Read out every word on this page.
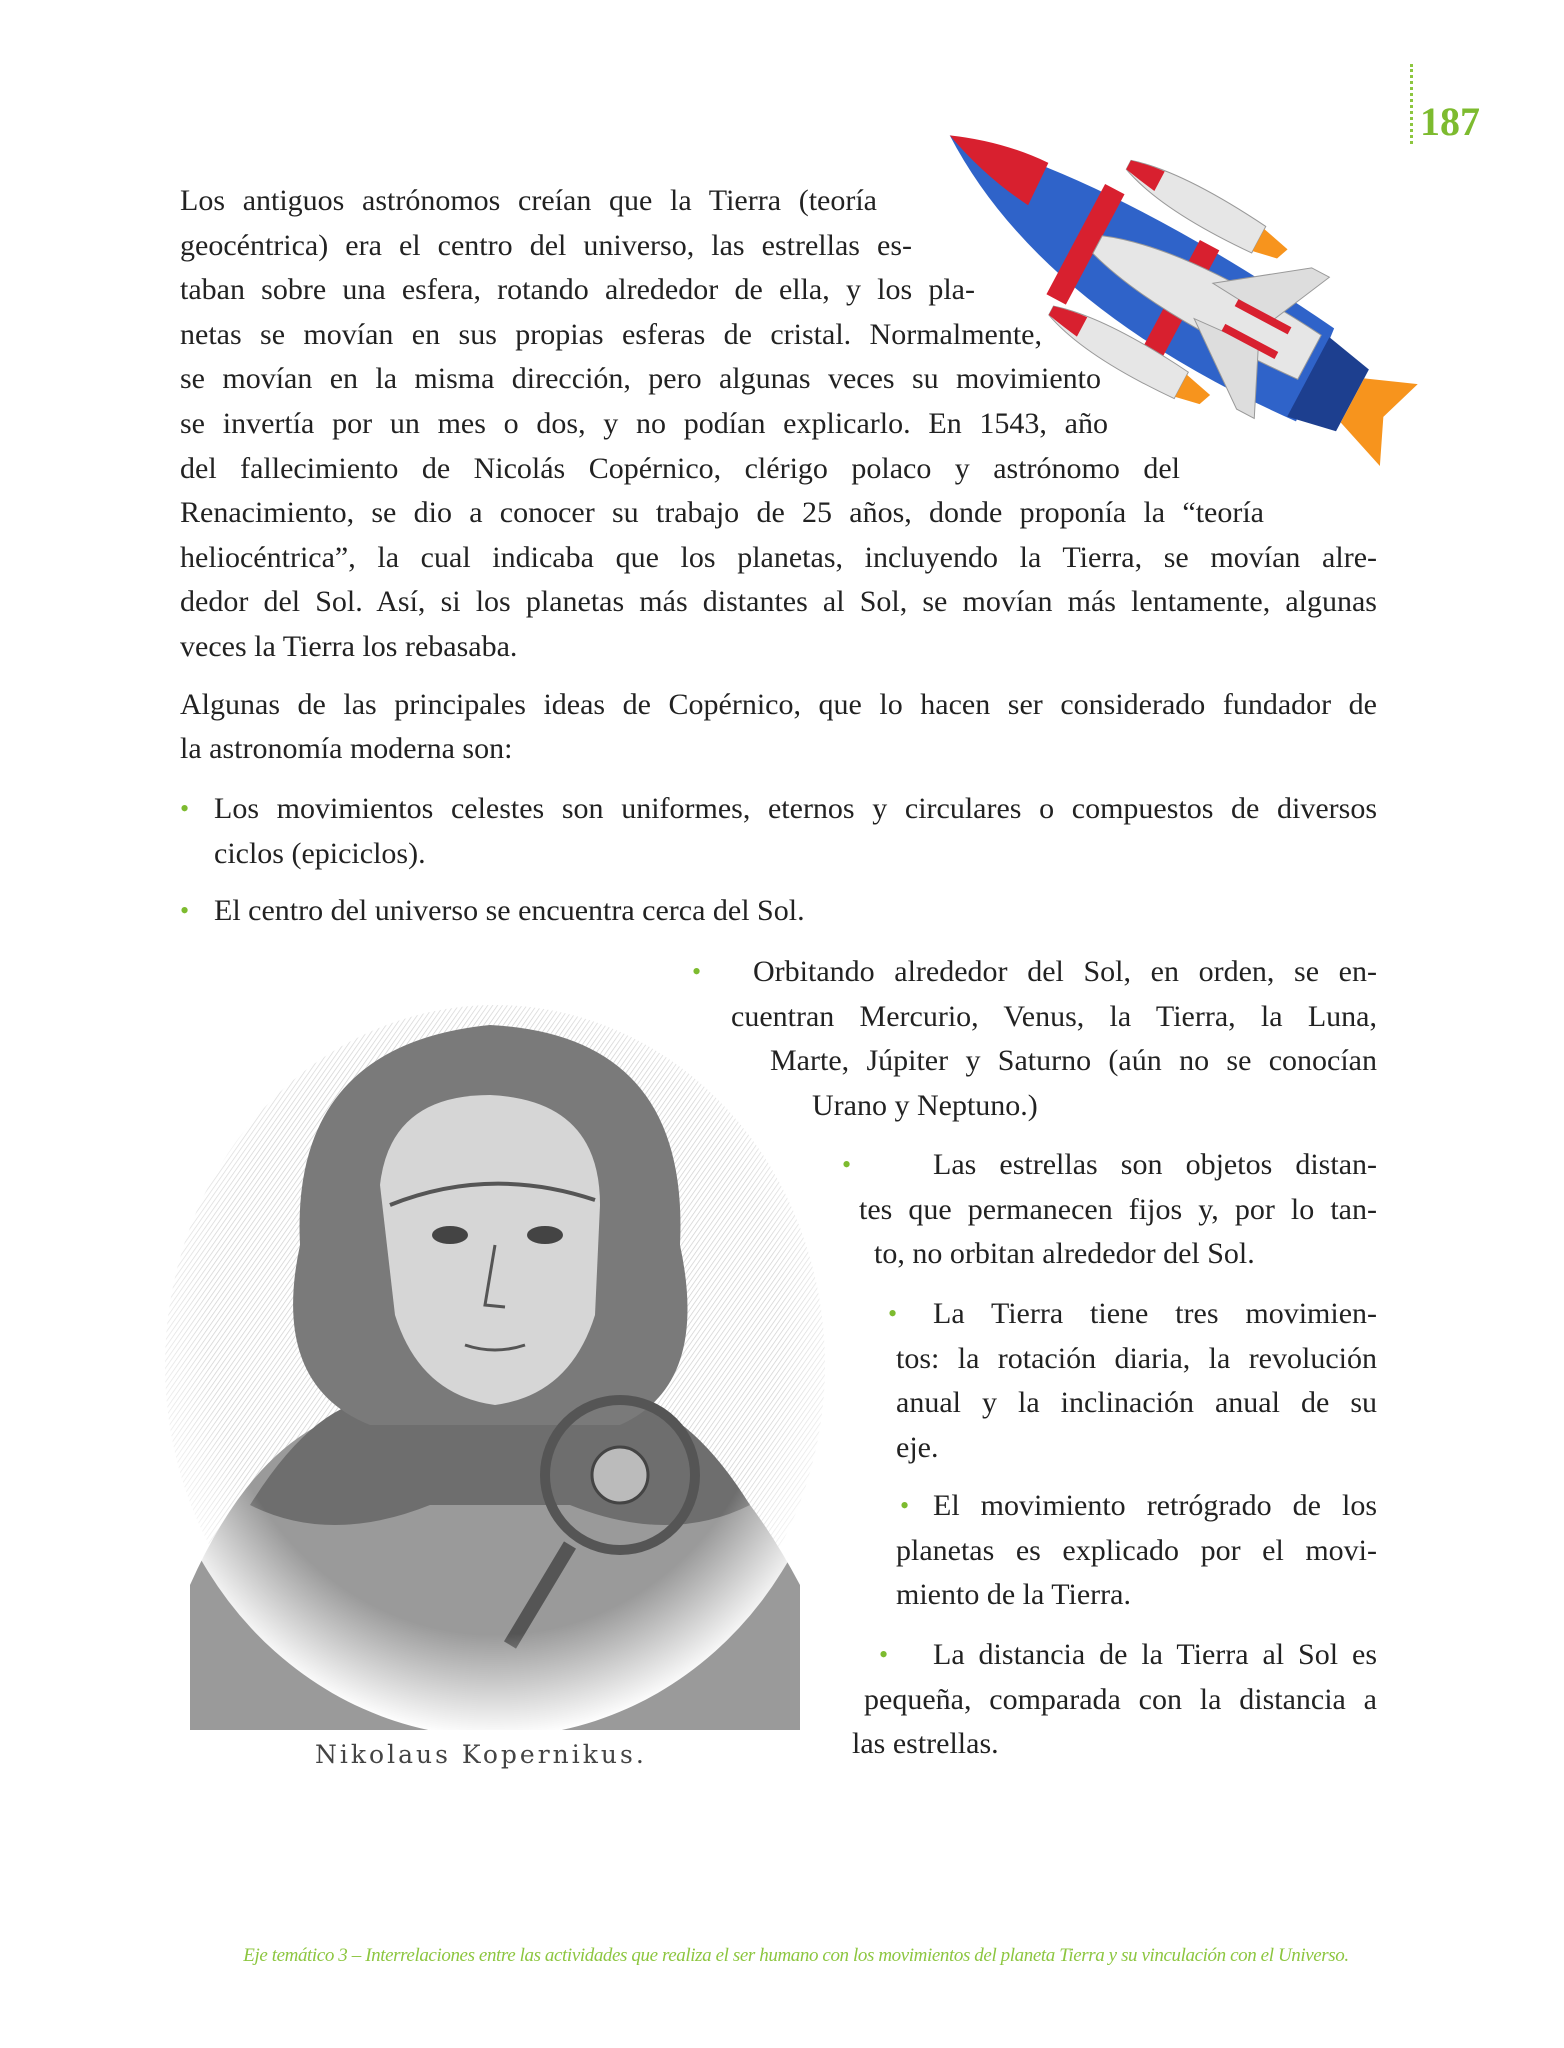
187
Los antiguos astrónomos creían que la Tierra (teoría
geocéntrica) era el centro del universo, las estrellas es-
taban sobre una esfera, rotando alrededor de ella, y los pla-
netas se movían en sus propias esferas de cristal. Normalmente,
se movían en la misma dirección, pero algunas veces su movimiento
se invertía por un mes o dos, y no podían explicarlo. En 1543, año
del fallecimiento de Nicolás Copérnico, clérigo polaco y astrónomo del
Renacimiento, se dio a conocer su trabajo de 25 años, donde proponía la “teoría
heliocéntrica”, la cual indicaba que los planetas, incluyendo la Tierra, se movían alre-
dedor del Sol. Así, si los planetas más distantes al Sol, se movían más lentamente, algunas
veces la Tierra los rebasaba.
Algunas de las principales ideas de Copérnico, que lo hacen ser considerado fundador de
la astronomía moderna son:
• Los movimientos celestes son uniformes, eternos y circulares o compuestos de diversos
ciclos (epiciclos).
• El centro del universo se encuentra cerca del Sol.
• Orbitando alrededor del Sol, en orden, se en-
cuentran Mercurio, Venus, la Tierra, la Luna,
Marte, Júpiter y Saturno (aún no se conocían
Urano y Neptuno.)
•	Las estrellas son objetos distan-
tes que permanecen fijos y, por lo tan-
to, no orbitan alrededor del Sol.
• La Tierra tiene tres movimien-
tos: la rotación diaria, la revolución
anual y la inclinación anual de su
eje.
• El movimiento retrógrado de los
planetas es explicado por el movi-
miento de la Tierra.
• La distancia de la Tierra al Sol es
pequeña, comparada con la distancia a
las estrellas.
Nikolaus Kopernikus.
Eje temático 3 – Interrelaciones entre las actividades que realiza el ser humano con los movimientos del planeta Tierra y su vinculación con el Universo.
